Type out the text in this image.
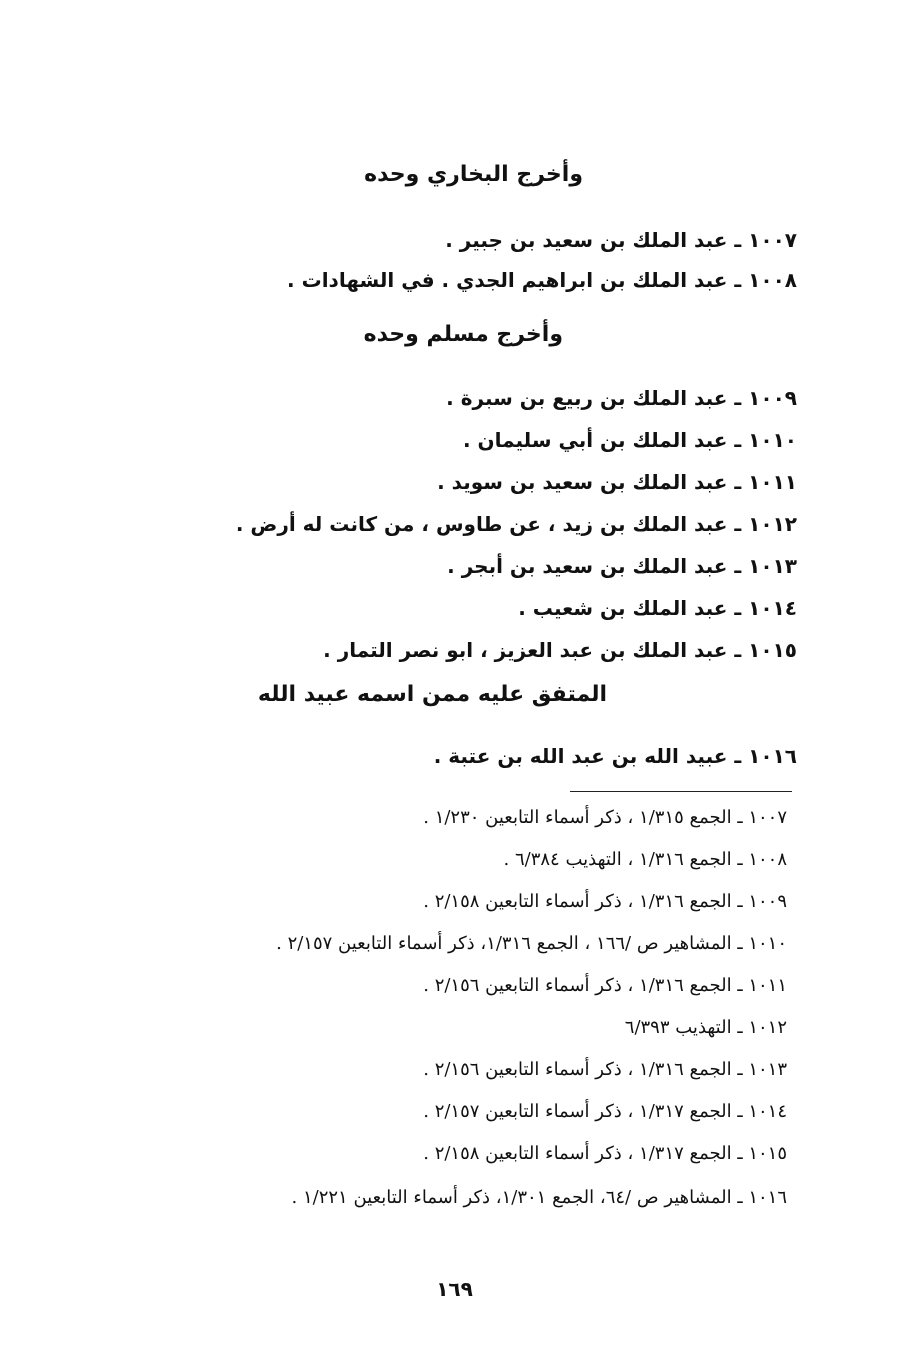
وأخرج البخاري وحده
١٠٠٧ ـ عبد الملك بن سعيد بن جبير .
١٠٠٨ ـ عبد الملك بن ابراهيم الجدي . في الشهادات .
وأخرج مسلم وحده
١٠٠٩ ـ عبد الملك بن ربيع بن سبرة .
١٠١٠ ـ عبد الملك بن أبي سليمان .
١٠١١ ـ عبد الملك بن سعيد بن سويد .
١٠١٢ ـ عبد الملك بن زيد ، عن طاوس ، من كانت له أرض .
١٠١٣ ـ عبد الملك بن سعيد بن أبجر .
١٠١٤ ـ عبد الملك بن شعيب .
١٠١٥ ـ عبد الملك بن عبد العزيز ، ابو نصر التمار .
المتفق عليه ممن اسمه عبيد الله
١٠١٦ ـ عبيد الله بن عبد الله بن عتبة .
١٠٠٧ ـ الجمع ١/٣١٥ ، ذكر أسماء التابعين ١/٢٣٠ .
١٠٠٨ ـ الجمع ١/٣١٦ ، التهذيب ٦/٣٨٤ .
١٠٠٩ ـ الجمع ١/٣١٦ ، ذكر أسماء التابعين ٢/١٥٨ .
١٠١٠ ـ المشاهير ص /١٦٦ ، الجمع ١/٣١٦، ذكر أسماء التابعين ٢/١٥٧ .
١٠١١ ـ الجمع ١/٣١٦ ، ذكر أسماء التابعين ٢/١٥٦ .
١٠١٢ ـ التهذيب ٦/٣٩٣
١٠١٣ ـ الجمع ١/٣١٦ ، ذكر أسماء التابعين ٢/١٥٦ .
١٠١٤ ـ الجمع ١/٣١٧ ، ذكر أسماء التابعين ٢/١٥٧ .
١٠١٥ ـ الجمع ١/٣١٧ ، ذكر أسماء التابعين ٢/١٥٨ .
١٠١٦ ـ المشاهير ص /٦٤، الجمع ١/٣٠١، ذكر أسماء التابعين ١/٢٢١ .
١٦٩
